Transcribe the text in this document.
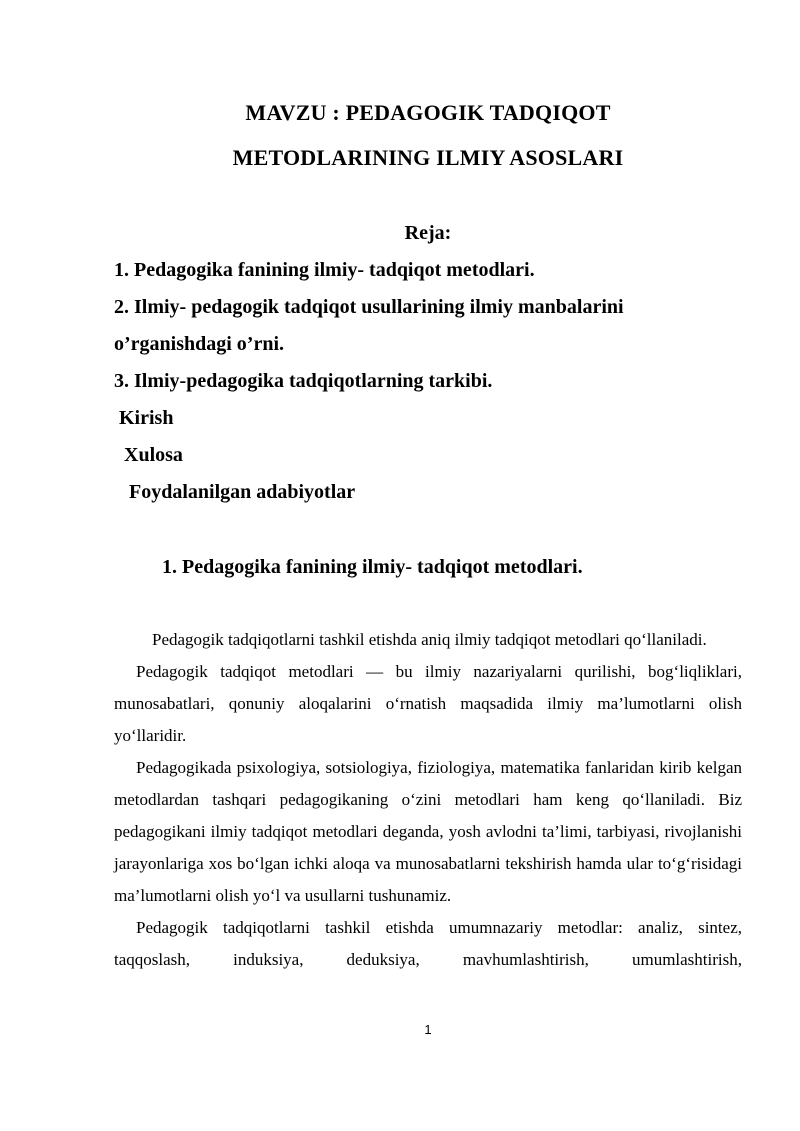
MAVZU : PEDAGOGIK TADQIQOT
METODLARINING ILMIY ASOSLARI
Reja:
1. Pedagogika fanining ilmiy- tadqiqot metodlari.
2. Ilmiy- pedagogik tadqiqot usullarining ilmiy manbalarini
o’rganishdagi o’rni.
3. Ilmiy-pedagogika tadqiqotlarning tarkibi.
Kirish
Xulosa
Foydalanilgan adabiyotlar
1. Pedagogika fanining ilmiy- tadqiqot metodlari.

Pedagogik tadqiqotlarni tashkil etishda aniq ilmiy tadqiqot metodlari qo‘llaniladi.

Pedagogik tadqiqot metodlari — bu ilmiy nazariyalarni qurilishi, bog‘liqliklari, munosabatlari, qonuniy aloqalarini o‘rnatish maqsadida ilmiy ma’lumotlarni olish yo‘llaridir.

Pedagogikada psixologiya, sotsiologiya, fiziologiya, matematika fanlaridan kirib kelgan metodlardan tashqari pedagogikaning o‘zini metodlari ham keng qo‘llaniladi. Biz pedagogikani ilmiy tadqiqot metodlari deganda, yosh avlodni ta’limi, tarbiyasi, rivojlanishi jarayonlariga xos bo‘lgan ichki aloqa va munosabatlarni tekshirish hamda ular to‘g‘risidagi ma’lumotlarni olish yo‘l va usullarni tushunamiz.

Pedagogik tadqiqotlarni tashkil etishda umumnazariy metodlar: analiz, sintez, taqqoslash, induksiya, deduksiya, mavhumlashtirish, umumlashtirish,

1
